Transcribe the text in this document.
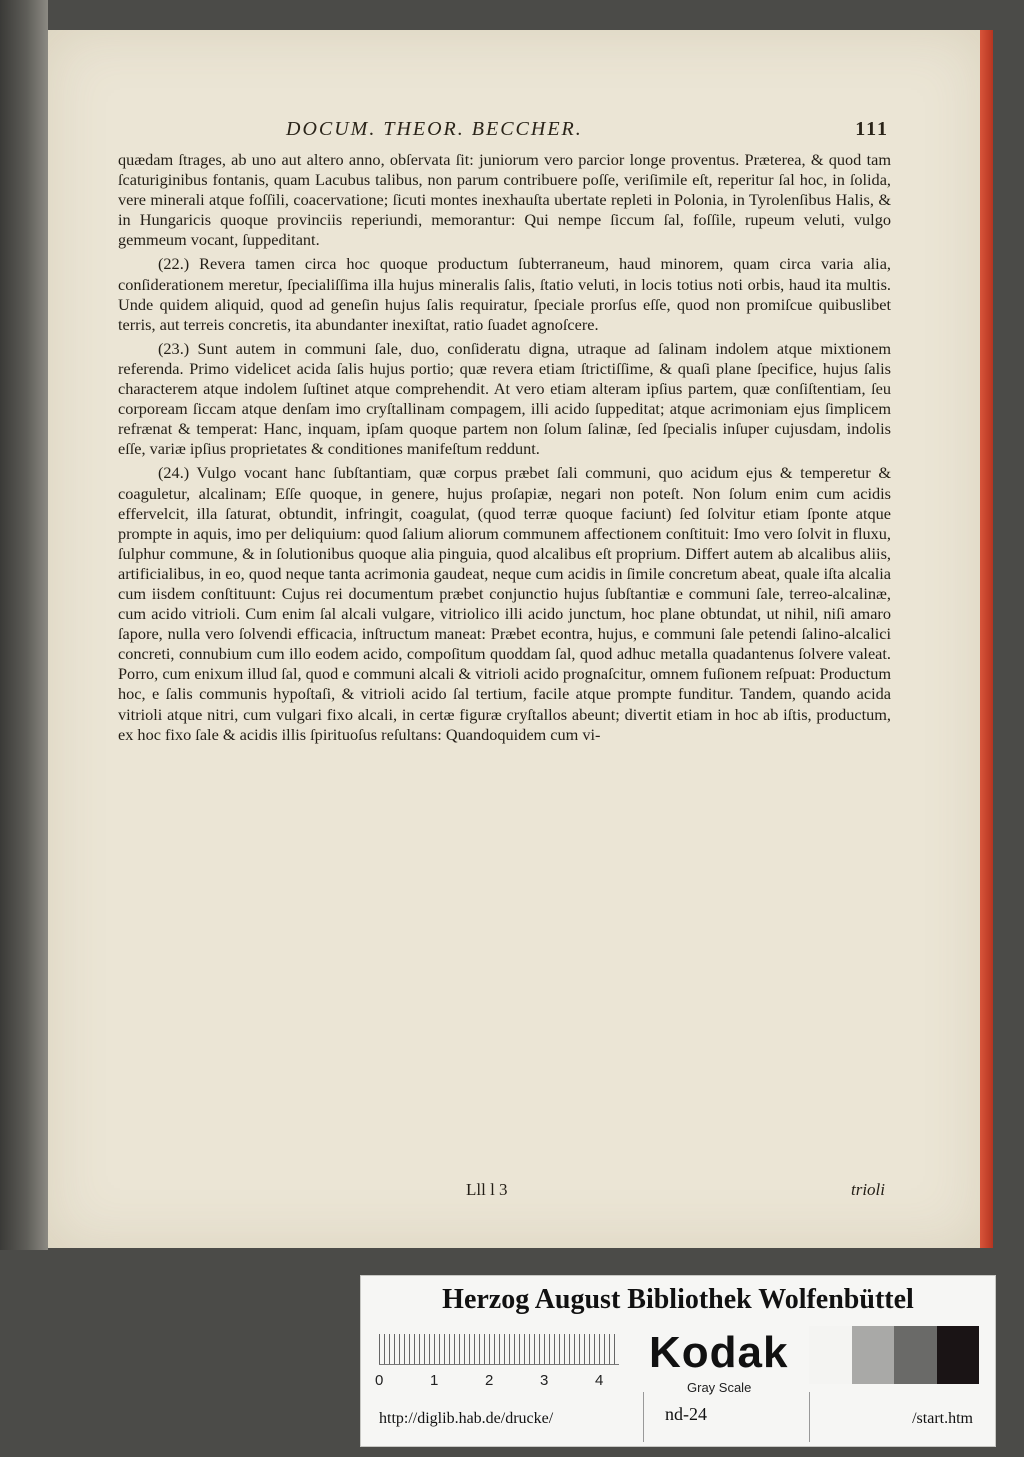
DOCUM. THEOR. BECCHER.	111

quædam ſtrages, ab uno aut altero anno, obſervata ſit: juniorum vero parcior longe proventus. Præterea, & quod tam ſcaturiginibus fontanis, quam Lacubus talibus, non parum contribuere poſſe, veriſimile eſt, reperitur ſal hoc, in ſolida, vere minerali atque foſſili, coacervatione; ſicuti montes inexhauſta ubertate repleti in Polonia, in Tyrolenſibus Halis, & in Hungaricis quoque provinciis reperiundi, memorantur: Qui nempe ſiccum ſal, foſſile, rupeum veluti, vulgo gemmeum vocant, ſuppeditant.

(22.) Revera tamen circa hoc quoque productum ſubterraneum, haud minorem, quam circa varia alia, conſiderationem meretur, ſpecialiſſima illa hujus mineralis ſalis, ſtatio veluti, in locis totius noti orbis, haud ita multis. Unde quidem aliquid, quod ad geneſin hujus ſalis requiratur, ſpeciale prorſus eſſe, quod non promiſcue quibuslibet terris, aut terreis concretis, ita abundanter inexiſtat, ratio ſuadet agnoſcere.

(23.) Sunt autem in communi ſale, duo, conſideratu digna, utraque ad ſalinam indolem atque mixtionem referenda. Primo videlicet acida ſalis hujus portio; quæ revera etiam ſtrictiſſime, & quaſi plane ſpecifice, hujus ſalis characterem atque indolem ſuſtinet atque comprehendit. At vero etiam alteram ipſius partem, quæ conſiſtentiam, ſeu corpoream ſiccam atque denſam imo cryſtallinam compagem, illi acido ſuppeditat; atque acrimoniam ejus ſimplicem refrænat & temperat: Hanc, inquam, ipſam quoque partem non ſolum ſalinæ, ſed ſpecialis inſuper cujusdam, indolis eſſe, variæ ipſius proprietates & conditiones manifeſtum reddunt.

(24.) Vulgo vocant hanc ſubſtantiam, quæ corpus præbet ſali communi, quo acidum ejus & temperetur & coaguletur, alcalinam; Eſſe quoque, in genere, hujus proſapiæ, negari non poteſt. Non ſolum enim cum acidis effervelcit, illa ſaturat, obtundit, infringit, coagulat, (quod terræ quoque faciunt) ſed ſolvitur etiam ſponte atque prompte in aquis, imo per deliquium: quod ſalium aliorum communem affectionem conſtituit: Imo vero ſolvit in fluxu, ſulphur commune, & in ſolutionibus quoque alia pinguia, quod alcalibus eſt proprium. Differt autem ab alcalibus aliis, artificialibus, in eo, quod neque tanta acrimonia gaudeat, neque cum acidis in ſimile concretum abeat, quale iſta alcalia cum iisdem conſtituunt: Cujus rei documentum præbet conjunctio hujus ſubſtantiæ e communi ſale, terreo-alcalinæ, cum acido vitrioli. Cum enim ſal alcali vulgare, vitriolico illi acido junctum, hoc plane obtundat, ut nihil, niſi amaro ſapore, nulla vero ſolvendi efficacia, inſtructum maneat: Præbet econtra, hujus, e communi ſale petendi ſalino-alcalici concreti, connubium cum illo eodem acido, compoſitum quoddam ſal, quod adhuc metalla quadantenus ſolvere valeat. Porro, cum enixum illud ſal, quod e communi alcali & vitrioli acido prognaſcitur, omnem fuſionem reſpuat: Productum hoc, e ſalis communis hypoſtaſi, & vitrioli acido ſal tertium, facile atque prompte funditur. Tandem, quando acida vitrioli atque nitri, cum vulgari fixo alcali, in certæ figuræ cryſtallos abeunt; divertit etiam in hoc ab iſtis, productum, ex hoc fixo ſale & acidis illis ſpirituoſus reſultans: Quandoquidem cum vi-

Lll l 3	trioli
Herzog August Bibliothek Wolfenbüttel
0	1	2	3	4
Kodak
Gray Scale
http://diglib.hab.de/drucke/	nd-24	/start.htm
